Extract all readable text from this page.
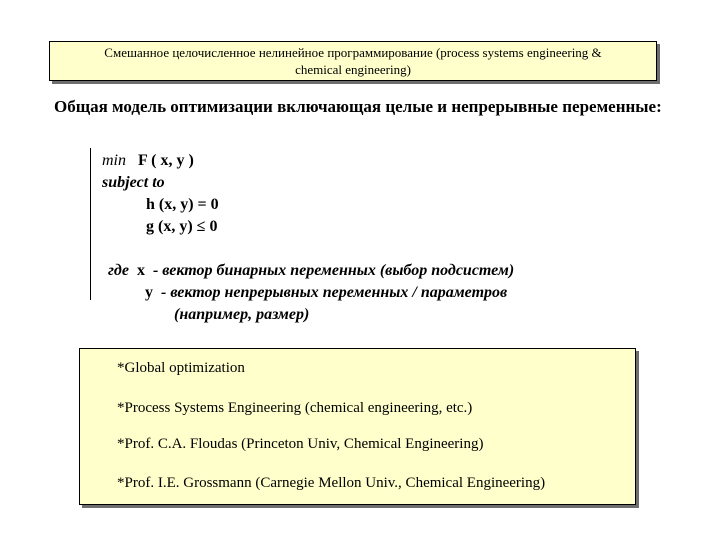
Смешанное целочисленное нелинейное программирование (process systems engineering &
chemical engineering)
Общая модель оптимизации включающая целые и непрерывные переменные:
min F ( x, y )
subject to
h (x, y) = 0
g (x, y) ≤ 0
где x - вектор бинарных переменных (выбор подсистем)
y - вектор непрерывных переменных / параметров
(например, размер)
*Global optimization
*Process Systems Engineering (chemical engineering, etc.)
*Prof. C.A. Floudas (Princeton Univ, Chemical Engineering)
*Prof. I.E. Grossmann (Carnegie Mellon Univ., Chemical Engineering)
